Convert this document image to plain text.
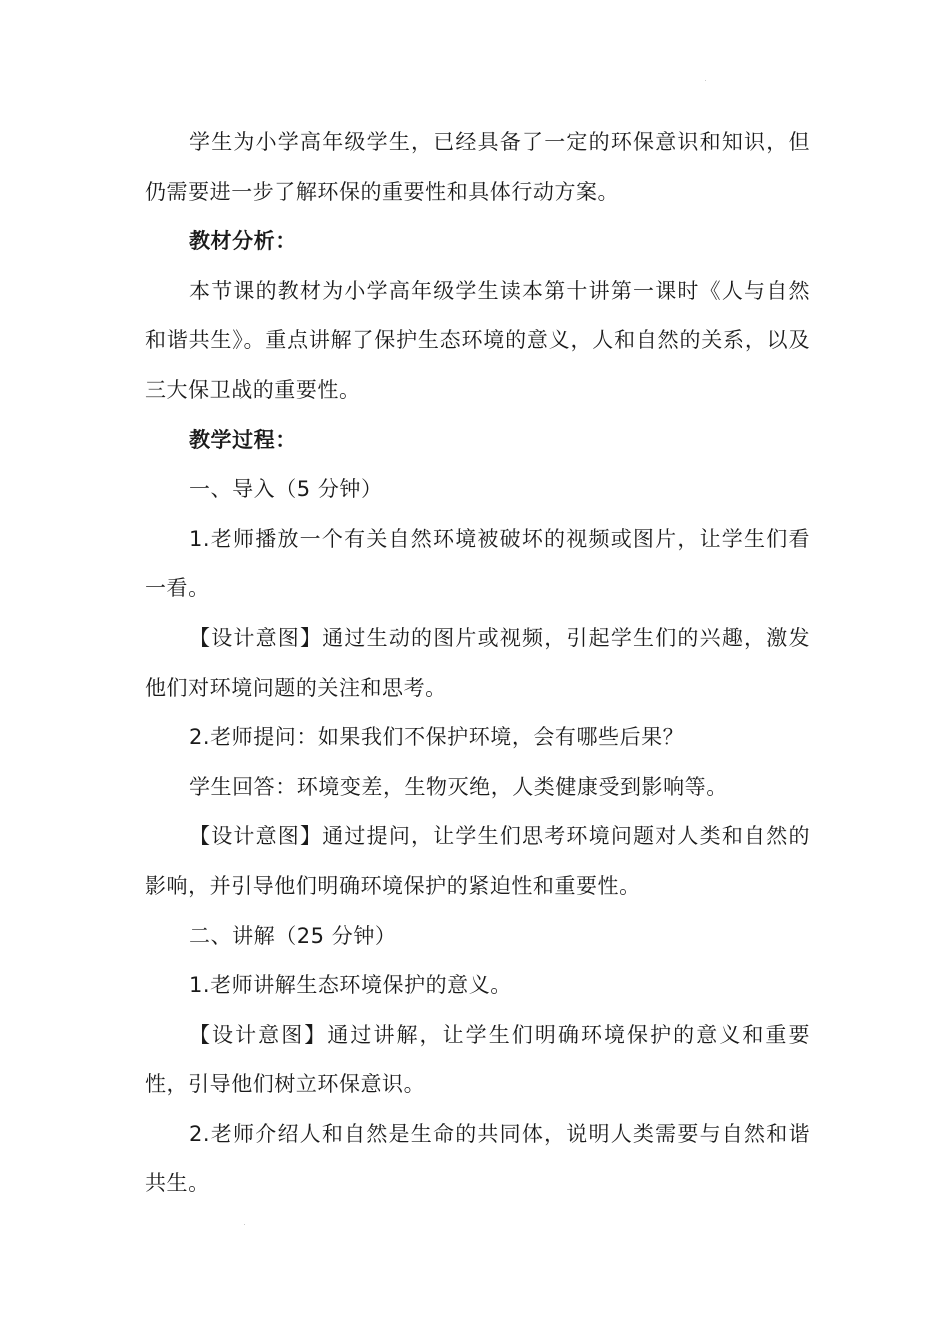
学生为小学高年级学生，已经具备了一定的环保意识和知识，但仍需要进一步了解环保的重要性和具体行动方案。

教材分析：

本节课的教材为小学高年级学生读本第十讲第一课时《人与自然和谐共生》。重点讲解了保护生态环境的意义，人和自然的关系，以及三大保卫战的重要性。

教学过程：

一、导入（5 分钟）

1.老师播放一个有关自然环境被破坏的视频或图片，让学生们看一看。

【设计意图】通过生动的图片或视频，引起学生们的兴趣，激发他们对环境问题的关注和思考。

2.老师提问：如果我们不保护环境，会有哪些后果？

学生回答：环境变差，生物灭绝，人类健康受到影响等。

【设计意图】通过提问，让学生们思考环境问题对人类和自然的影响，并引导他们明确环境保护的紧迫性和重要性。

二、讲解（25 分钟）

1.老师讲解生态环境保护的意义。

【设计意图】通过讲解，让学生们明确环境保护的意义和重要性，引导他们树立环保意识。

2.老师介绍人和自然是生命的共同体，说明人类需要与自然和谐共生。
